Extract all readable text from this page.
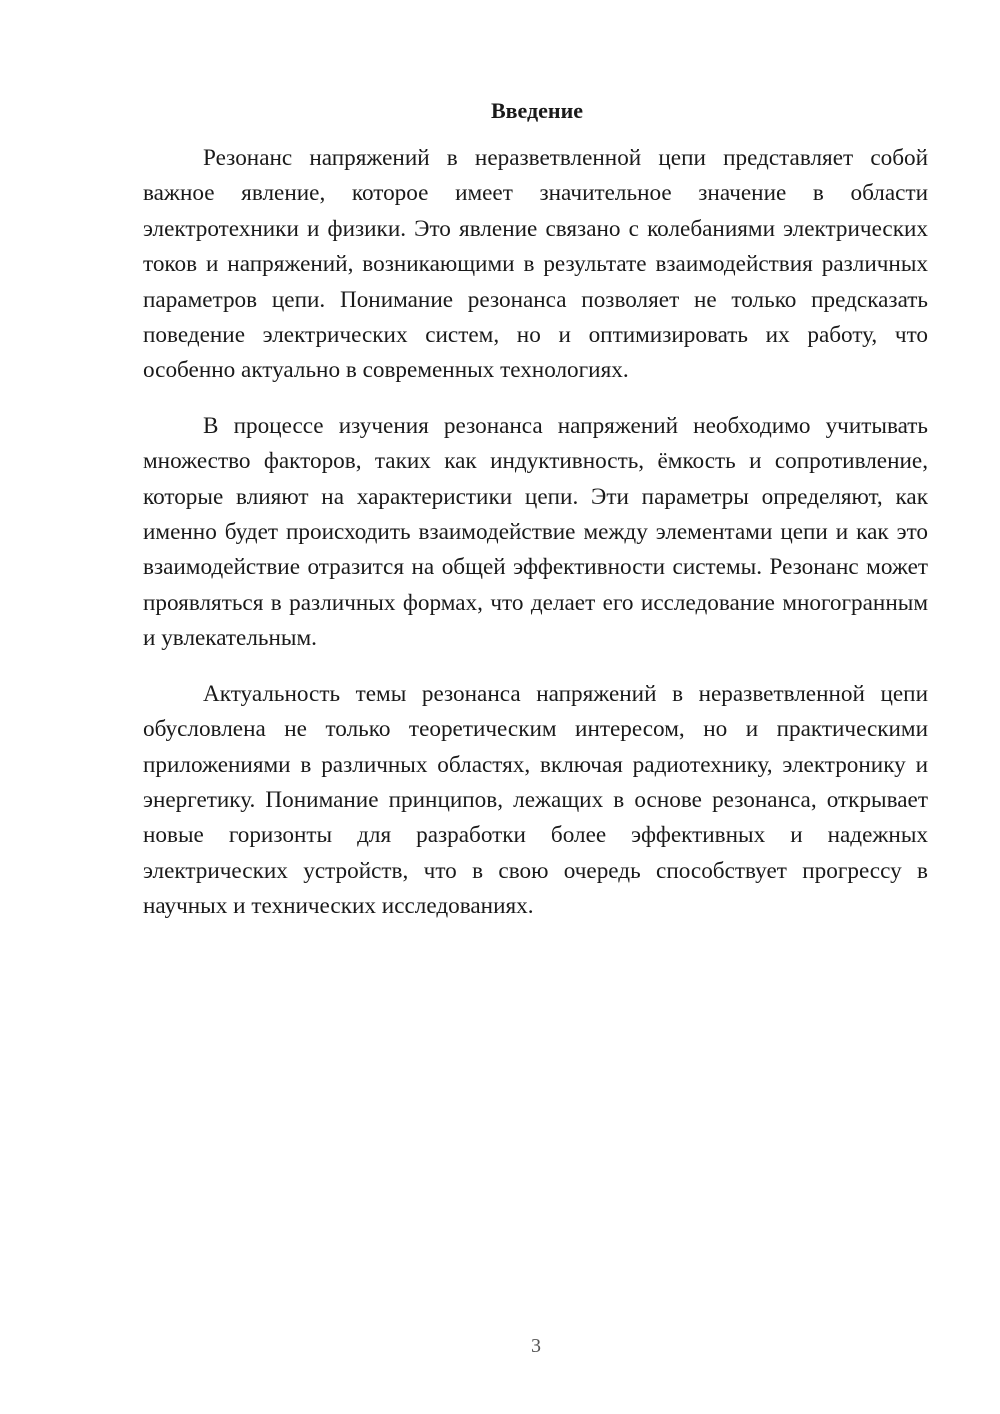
Введение

Резонанс напряжений в неразветвленной цепи представляет собой важное явление, которое имеет значительное значение в области электротехники и физики. Это явление связано с колебаниями электрических токов и напряжений, возникающими в результате взаимодействия различных параметров цепи. Понимание резонанса позволяет не только предсказать поведение электрических систем, но и оптимизировать их работу, что особенно актуально в современных технологиях.

В процессе изучения резонанса напряжений необходимо учитывать множество факторов, таких как индуктивность, ёмкость и сопротивление, которые влияют на характеристики цепи. Эти параметры определяют, как именно будет происходить взаимодействие между элементами цепи и как это взаимодействие отразится на общей эффективности системы. Резонанс может проявляться в различных формах, что делает его исследование многогранным и увлекательным.

Актуальность темы резонанса напряжений в неразветвленной цепи обусловлена не только теоретическим интересом, но и практическими приложениями в различных областях, включая радиотехнику, электронику и энергетику. Понимание принципов, лежащих в основе резонанса, открывает новые горизонты для разработки более эффективных и надежных электрических устройств, что в свою очередь способствует прогрессу в научных и технических исследованиях.

3
